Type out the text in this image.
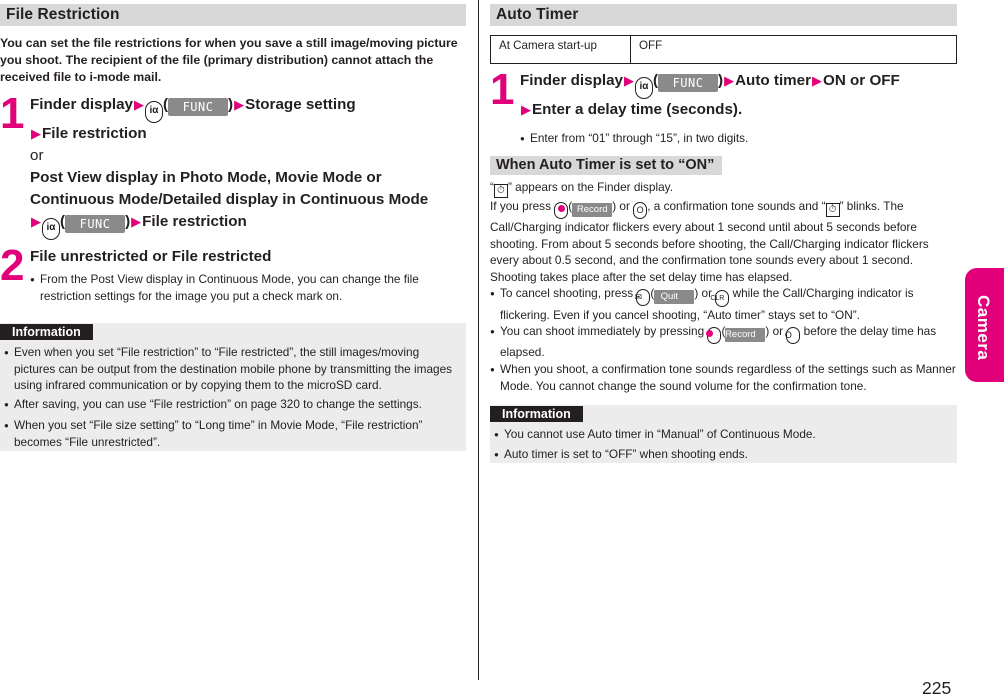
File Restriction

You can set the file restrictions for when you save a still image/moving picture you shoot. The recipient of the file (primary distribution) cannot attach the received file to i-mode mail.

1 Finder display▶ iα ( FUNC )▶Storage setting
▶File restriction
or
Post View display in Photo Mode, Movie Mode or
Continuous Mode/Detailed display in Continuous Mode
▶ iα ( FUNC )▶File restriction
2 File unrestricted or File restricted

● From the Post View display in Continuous Mode, you can change the file restriction settings for the image you put a check mark on.

Information

● Even when you set “File restriction” to “File restricted”, the still images/moving pictures can be output from the destination mobile phone by transmitting the images using infrared communication or by copying them to the microSD card.

● After saving, you can use “File restriction” on page 320 to change the settings.

● When you set “File size setting” to “Long time” in Movie Mode, “File restriction” becomes “File unrestricted”.

Auto Timer
At Camera start-up	OFF
1 Finder display▶ iα ( FUNC )▶Auto timer▶ON or OFF
▶Enter a delay time (seconds).

● Enter from “01” through “15”, in two digits.

When Auto Timer is set to “ON”

“ ⏱ ” appears on the Finder display.

If you press ( Record ) or O , a confirmation tone sounds and “ ⏱ ” blinks. The Call/Charging indicator flickers every about 1 second until about 5 seconds before shooting. From about 5 seconds before shooting, the Call/Charging indicator flickers every about 0.5 second, and the confirmation tone sounds every about 1 second. Shooting takes place after the set delay time has elapsed.

● To cancel shooting, press ✉ ( Quit ) or CLR while the Call/Charging indicator is flickering. Even if you cancel shooting, “Auto timer” stays set to “ON”.

● You can shoot immediately by pressing (Record ) or O before the delay time has elapsed.

● When you shoot, a confirmation tone sounds regardless of the settings such as Manner Mode. You cannot change the sound volume for the confirmation tone.

Information

● You cannot use Auto timer in “Manual” of Continuous Mode.

● Auto timer is set to “OFF” when shooting ends.

Camera
225
